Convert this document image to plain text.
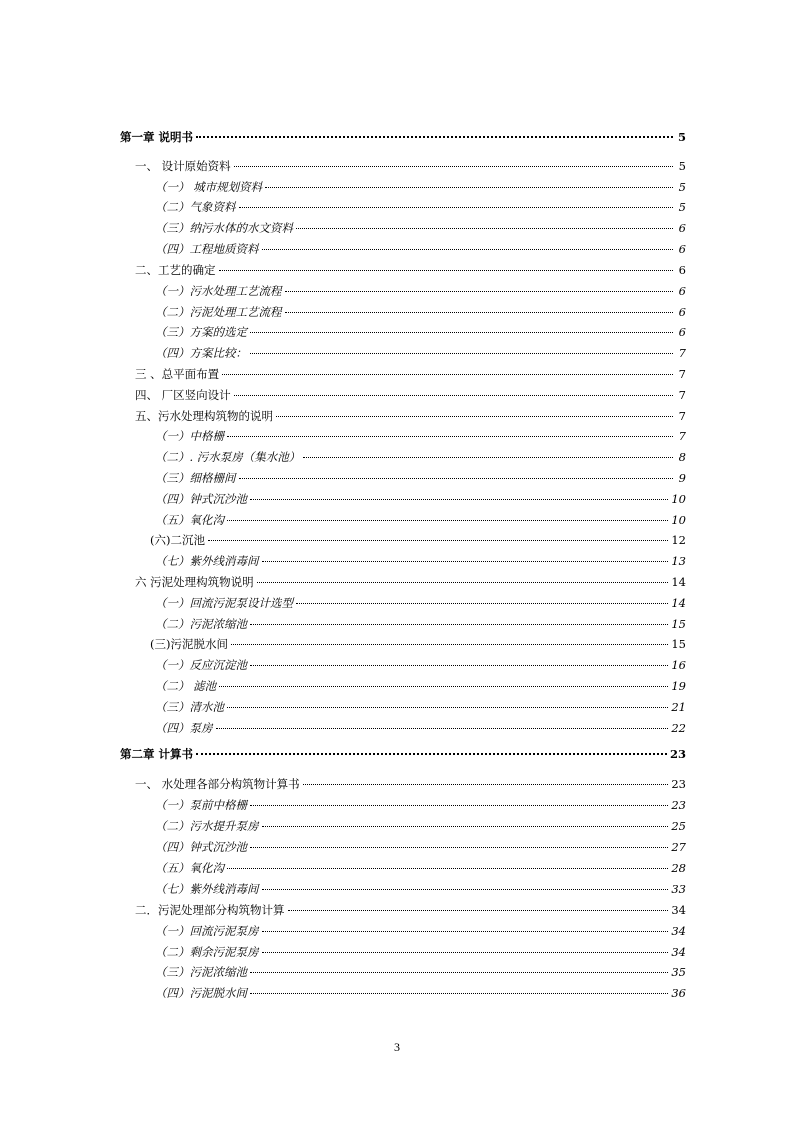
第一章 说明书	5
一、 设计原始资料	5
（一） 城市规划资料	5
（二）气象资料	5
（三）纳污水体的水文资料	6
（四）工程地质资料	6
二、工艺的确定	6
（一）污水处理工艺流程	6
（二）污泥处理工艺流程	6
（三）方案的选定	6
（四）方案比较：	7
三 、总平面布置	7
四、 厂区竖向设计	7
五、污水处理构筑物的说明	7
（一）中格栅	7
（二）. 污水泵房（集水池）	8
（三）细格栅间	9
（四）钟式沉沙池	10
（五）氧化沟	10
(六)二沉池	12
（七）紫外线消毒间	13
六 污泥处理构筑物说明	14
（一）回流污泥泵设计选型	14
（二）污泥浓缩池	15
(三)污泥脱水间	15
（一）反应沉淀池	16
（二） 滤池	19
（三）清水池	21
（四）泵房	22
第二章 计算书	23
一、 水处理各部分构筑物计算书	23
（一）泵前中格栅	23
（二）污水提升泵房	25
（四）钟式沉沙池	27
（五）氧化沟	28
（七）紫外线消毒间	33
二．污泥处理部分构筑物计算	34
（一）回流污泥泵房	34
（二）剩余污泥泵房	34
（三）污泥浓缩池	35
（四）污泥脱水间	36
3
